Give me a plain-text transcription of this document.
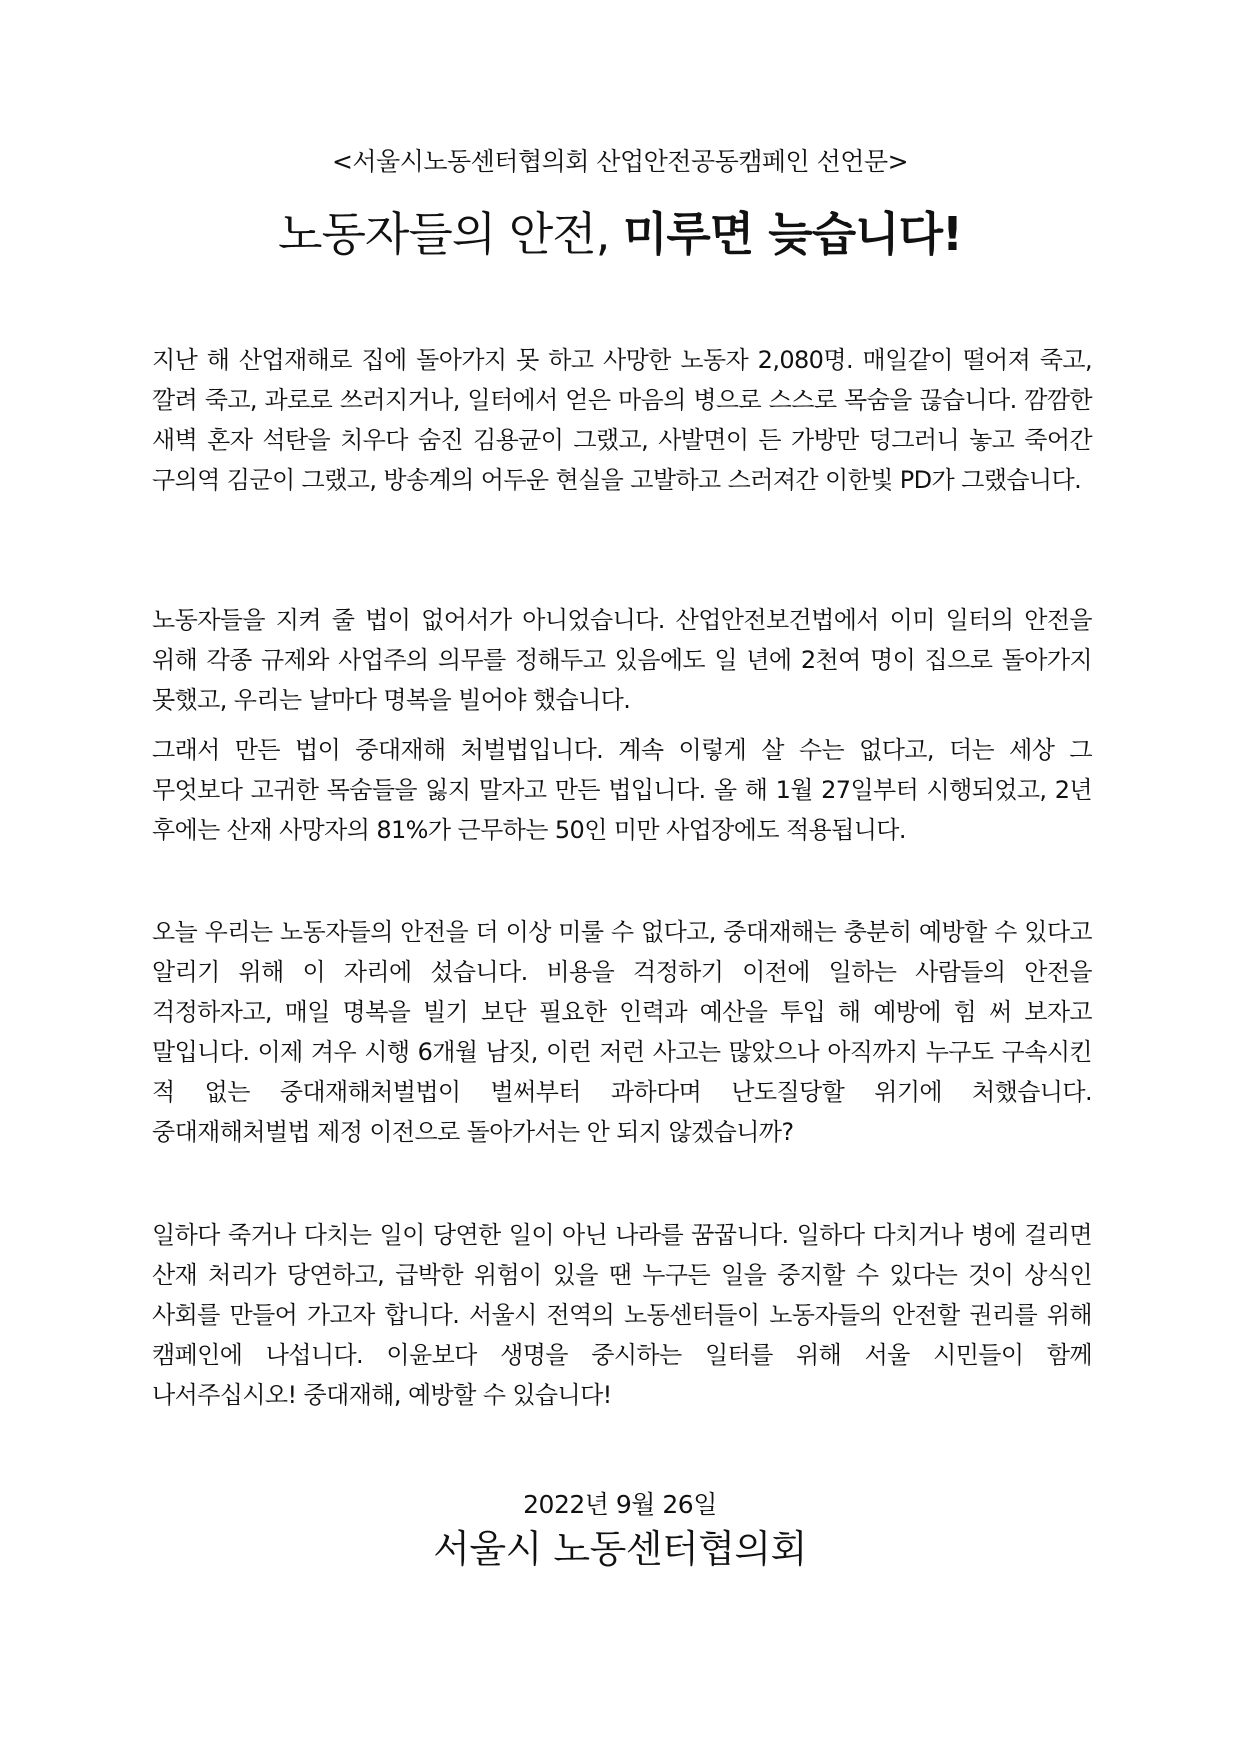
<서울시노동센터협의회 산업안전공동캠페인 선언문>
노동자들의 안전, 미루면 늦습니다!
지난 해 산업재해로 집에 돌아가지 못 하고 사망한 노동자 2,080명. 매일같이 떨어져 죽고, 깔려 죽고, 과로로 쓰러지거나, 일터에서 얻은 마음의 병으로 스스로 목숨을 끊습니다. 깜깜한 새벽 혼자 석탄을 치우다 숨진 김용균이 그랬고, 사발면이 든 가방만 덩그러니 놓고 죽어간 구의역 김군이 그랬고, 방송계의 어두운 현실을 고발하고 스러져간 이한빛 PD가 그랬습니다.
노동자들을 지켜 줄 법이 없어서가 아니었습니다. 산업안전보건법에서 이미 일터의 안전을 위해 각종 규제와 사업주의 의무를 정해두고 있음에도 일 년에 2천여 명이 집으로 돌아가지 못했고, 우리는 날마다 명복을 빌어야 했습니다.
그래서 만든 법이 중대재해 처벌법입니다. 계속 이렇게 살 수는 없다고, 더는 세상 그 무엇보다 고귀한 목숨들을 잃지 말자고 만든 법입니다. 올 해 1월 27일부터 시행되었고, 2년 후에는 산재 사망자의 81%가 근무하는 50인 미만 사업장에도 적용됩니다.
오늘 우리는 노동자들의 안전을 더 이상 미룰 수 없다고, 중대재해는 충분히 예방할 수 있다고 알리기 위해 이 자리에 섰습니다. 비용을 걱정하기 이전에 일하는 사람들의 안전을 걱정하자고, 매일 명복을 빌기 보단 필요한 인력과 예산을 투입 해 예방에 힘 써 보자고 말입니다. 이제 겨우 시행 6개월 남짓, 이런 저런 사고는 많았으나 아직까지 누구도 구속시킨 적 없는 중대재해처벌법이 벌써부터 과하다며 난도질당할 위기에 처했습니다. 중대재해처벌법 제정 이전으로 돌아가서는 안 되지 않겠습니까?
일하다 죽거나 다치는 일이 당연한 일이 아닌 나라를 꿈꿉니다. 일하다 다치거나 병에 걸리면 산재 처리가 당연하고, 급박한 위험이 있을 땐 누구든 일을 중지할 수 있다는 것이 상식인 사회를 만들어 가고자 합니다. 서울시 전역의 노동센터들이 노동자들의 안전할 권리를 위해 캠페인에 나섭니다. 이윤보다 생명을 중시하는 일터를 위해 서울 시민들이 함께 나서주십시오! 중대재해, 예방할 수 있습니다!
2022년 9월 26일
서울시 노동센터협의회
